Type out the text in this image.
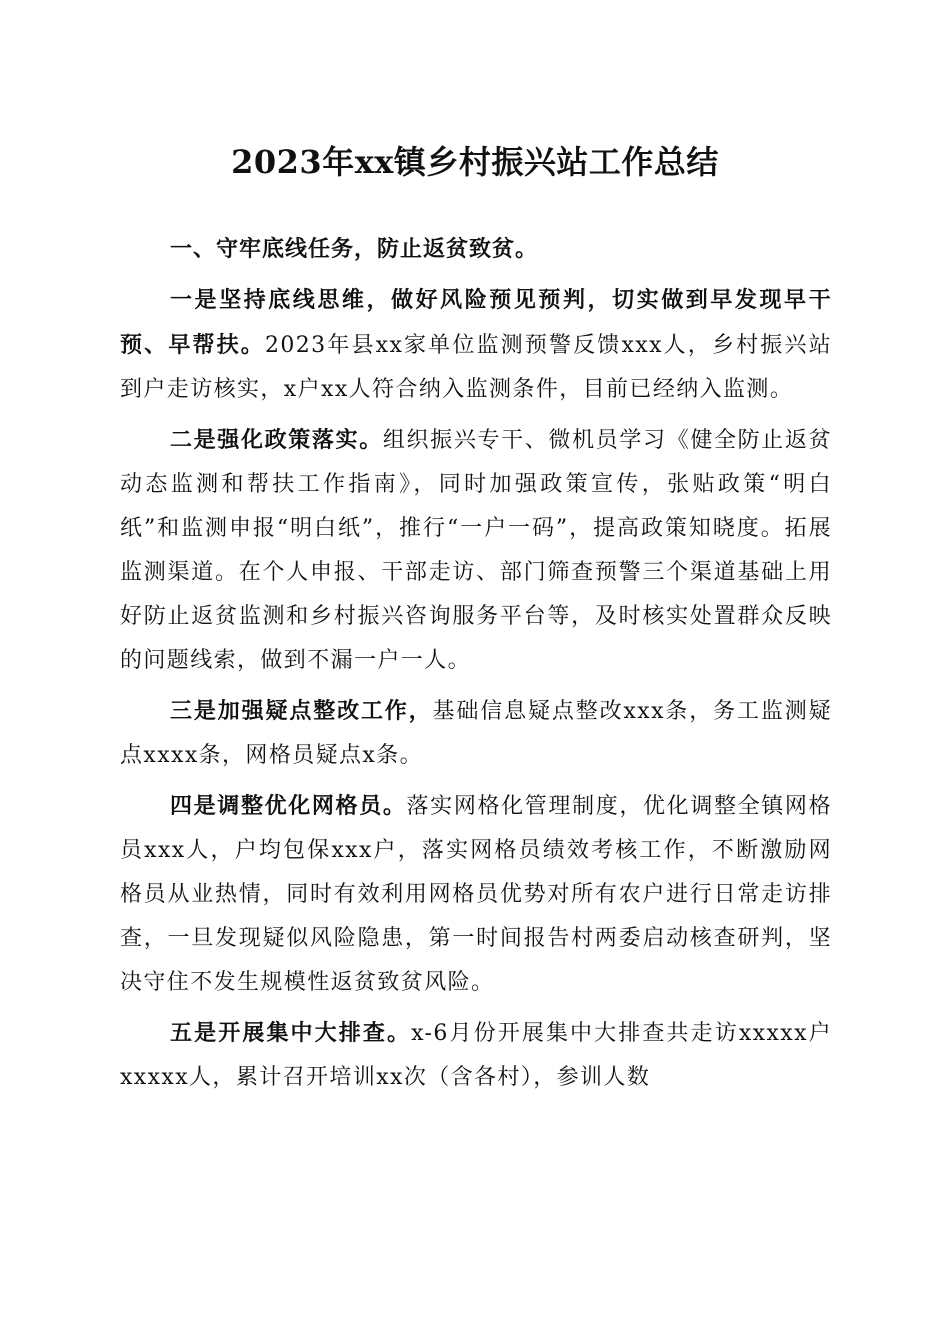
2023年xx镇乡村振兴站工作总结

一、守牢底线任务，防止返贫致贫。

一是坚持底线思维，做好风险预见预判，切实做到早发现早干预、早帮扶。2023年县xx家单位监测预警反馈xxx人，乡村振兴站到户走访核实，x户xx人符合纳入监测条件，目前已经纳入监测。

二是强化政策落实。组织振兴专干、微机员学习《健全防止返贫动态监测和帮扶工作指南》，同时加强政策宣传，张贴政策“明白纸”和监测申报“明白纸”，推行“一户一码”，提高政策知晓度。拓展监测渠道。在个人申报、干部走访、部门筛查预警三个渠道基础上用好防止返贫监测和乡村振兴咨询服务平台等，及时核实处置群众反映的问题线索，做到不漏一户一人。

三是加强疑点整改工作，基础信息疑点整改xxx条，务工监测疑点xxxx条，网格员疑点x条。

四是调整优化网格员。落实网格化管理制度，优化调整全镇网格员xxx人，户均包保xxx户，落实网格员绩效考核工作，不断激励网格员从业热情，同时有效利用网格员优势对所有农户进行日常走访排查，一旦发现疑似风险隐患，第一时间报告村两委启动核查研判，坚决守住不发生规模性返贫致贫风险。

五是开展集中大排查。x-6月份开展集中大排查共走访xxxxx户xxxxx人，累计召开培训xx次（含各村），参训人数
